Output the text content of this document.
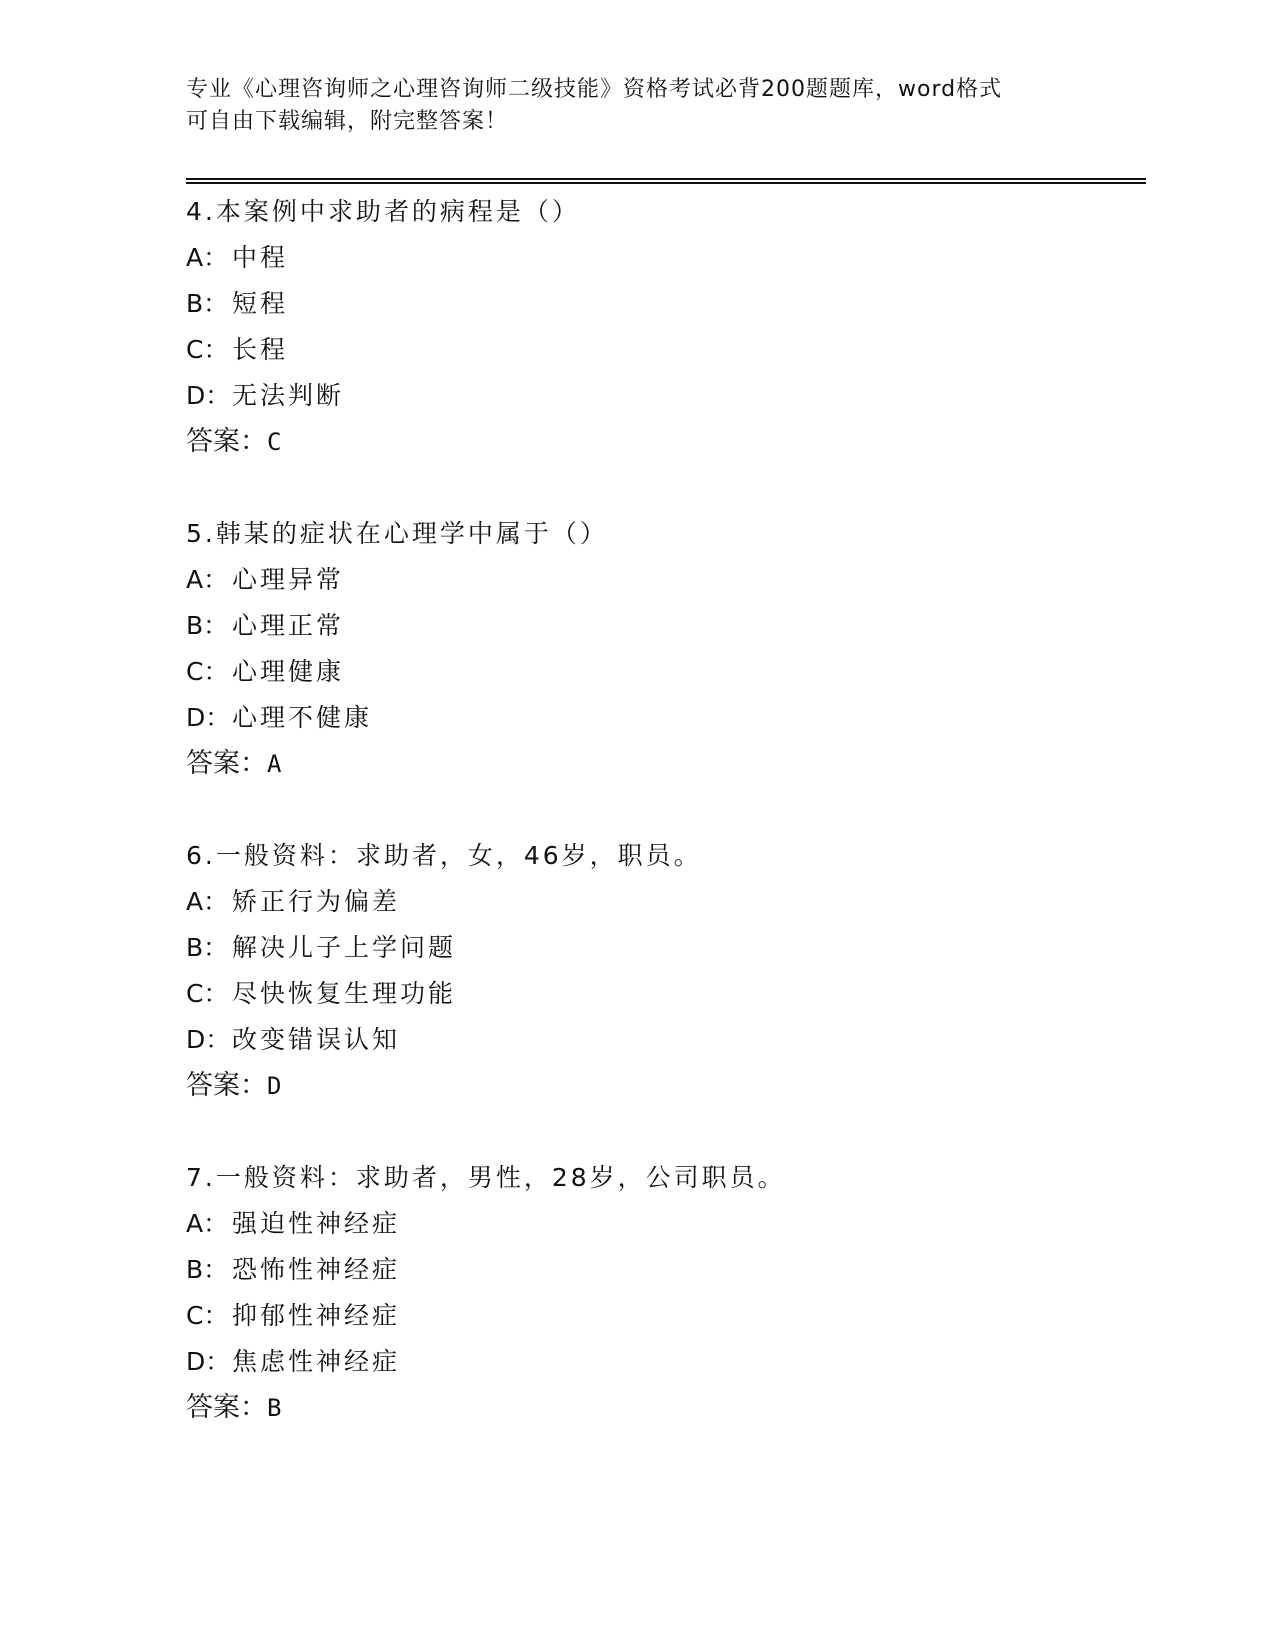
专业《心理咨询师之心理咨询师二级技能》资格考试必背200题题库，word格式
可自由下载编辑，附完整答案！
4.本案例中求助者的病程是（）
A： 中程
B： 短程
C： 长程
D：无法判断
答案：C
5.韩某的症状在心理学中属于（）
A： 心理异常
B： 心理正常
C： 心理健康
D：心理不健康
答案：A
6.一般资料：求助者，女，46岁，职员。
A： 矫正行为偏差
B： 解决儿子上学问题
C： 尽快恢复生理功能
D：改变错误认知
答案：D
7.一般资料：求助者，男性，28岁，公司职员。
A： 强迫性神经症
B： 恐怖性神经症
C： 抑郁性神经症
D：焦虑性神经症
答案：B
